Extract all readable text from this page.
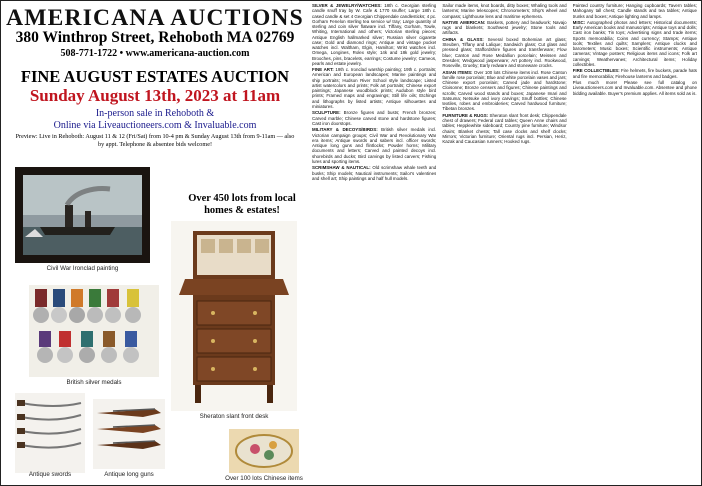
AMERICANA AUCTIONS
380 Winthrop Street, Rehoboth MA 02769
508-771-1722 • www.americana-auction.com
FINE AUGUST ESTATES AUCTION
Sunday August 13th, 2023 at 11am
In-person sale in Rehoboth &
Online via Liveauctioneers.com & Invaluable.com
Preview: Live in Rehoboth: August 11 & 12 (Fri/Sat) from 10-4 pm & Sunday August 13th from 9-11am — also by appt. Telephone & absentee bids welcome!
Civil War Ironclad painting
British silver medals
Sheraton slant front desk
Over 450 lots from local homes & estates!
Antique swords	Antique long guns
Over 100 lots Chinese items

SILVER & JEWELRY/WATCHES: 18th c. Georgian sterling candle snuff tray by W. Cafe & 1770 snuffer; Large 18th c. cased candle & set 4 Georgian Chippendale candlesticks; 4 pc. Gorham Fenelon sterling tea service w/ tray; Large quantity of sterling and coin silver flatware incl. Tiffany, Gorham, Towle, Whiting, International and others; Victorian sterling pieces; Antique English hallmarked silver; Russian silver cigarette case; Gold and diamond rings; Antique and vintage pocket watches incl. Waltham, Elgin, Hamilton; Wrist watches incl. Omega, Longines, Rolex style; 14k and 18k gold jewelry; Brooches, pins, bracelets, earrings; Costume jewelry; Cameos, pearls and estate jewelry.

FINE ART: 19th c. Ironclad warship painting; 19th c. portraits; American and European landscapes; Marine paintings and ship portraits; Hudson River School style landscape; Listed artist watercolors and prints; Folk art portraits; Chinese export paintings; Japanese woodblock prints; Audubon style bird prints; Framed maps and engravings; Still life oils; Etchings and lithographs by listed artists; Antique silhouettes and miniatures.

SCULPTURE: Bronze figures and busts; French bronzes; Carved marble; Chinese carved stone and hardstone figures; Cast iron doorstops.

MILITARY & DECOYS/BIRDS: British silver medals incl. Victorian campaign groups; Civil War and Revolutionary War era items; Antique swords and sabers incl. officer swords; Antique long guns and flintlocks; Powder horns; Military documents and letters; Carved and painted decoys incl. shorebirds and ducks; Bird carvings by listed carvers; Fishing lures and sporting items.

SCRIMSHAW & NAUTICAL: Old scrimshaw whale teeth and busks; Ship models; Nautical instruments; Sailor's valentines and shell art; Ship paintings and half hull models.

Sailor made items, knot boards, ditty boxes; Whaling tools and lanterns; Marine telescopes; Chronometers; Ship's wheel and compass; Lighthouse lens and maritime ephemera.

NATIVE AMERICAN: Baskets, pottery and beadwork; Navajo rugs and blankets; Southwest jewelry; Stone tools and artifacts.

CHINA & GLASS: Several boxed Bohemian art glass; Steuben, Tiffany and Lalique; Sandwich glass; Cut glass and pressed glass; Staffordshire figures and transferware; Flow blue; Canton and Rose Medallion porcelain; Meissen and Dresden; Wedgwood jasperware; Art pottery incl. Rookwood, Roseville, Grueby; Early redware and stoneware crocks.

ASIAN ITEMS: Over 100 lots Chinese items incl. Rose Canton famille rose porcelain; Blue and white porcelain vases and jars; Chinese export porcelain; Carved jade and hardstone; Cloisonne; Bronze censers and figures; Chinese paintings and scrolls; Carved wood stands and boxes; Japanese Imari and Satsuma; Netsuke and ivory carvings; Snuff bottles; Chinese textiles, robes and embroideries; Carved hardwood furniture; Tibetan bronzes.

FURNITURE & RUGS: Sheraton slant front desk; Chippendale chest of drawers; Federal card tables; Queen Anne chairs and tables; Hepplewhite sideboard; Country pine furniture; Windsor chairs; Blanket chests; Tall case clocks and shelf clocks; Mirrors; Victorian furniture; Oriental rugs incl. Persian, Heriz, Kazak and Caucasian runners; Hooked rugs.

Painted country furniture; Hanging cupboards; Tavern tables; Mahogany tall chest; Candle stands and tea tables; Antique trunks and boxes; Antique lighting and lamps.

MISC: Autographed photos and letters; Historical documents; Early American books and manuscripts; Antique toys and dolls; Cast iron banks; Tin toys; Advertising signs and trade items; Sports memorabilia; Coins and currency; Stamps; Antique tools; Textiles and quilts; Samplers; Antique clocks and barometers; Music boxes; Scientific instruments; Antique cameras; Vintage posters; Religious items and icons; Folk art carvings; Weathervanes; Architectural items; Holiday collectibles.

FIRE COLLECTIBLES: Fire helmets, fire buckets, parade hats and fire memorabilia; Firehouse lanterns and badges.

Plus much more! Please see full catalog on Liveauctioneers.com and Invaluable.com. Absentee and phone bidding available. Buyer's premium applies. All items sold as is.
